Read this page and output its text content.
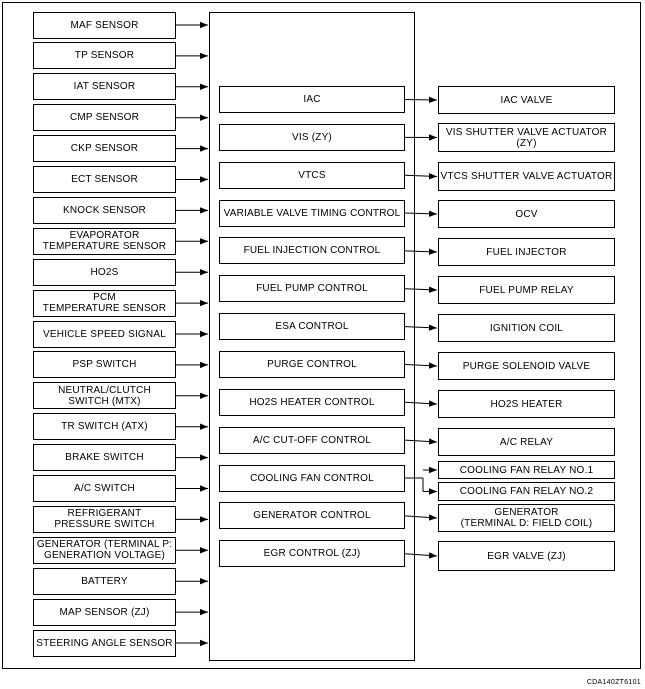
MAF SENSOR
TP SENSOR
IAT SENSOR
CMP SENSOR
CKP SENSOR
ECT SENSOR
KNOCK SENSOR
EVAPORATOR
TEMPERATURE SENSOR
HO2S
PCM
TEMPERATURE SENSOR
VEHICLE SPEED SIGNAL
PSP SWITCH
NEUTRAL/CLUTCH
SWITCH (MTX)
TR SWITCH (ATX)
BRAKE SWITCH
A/C SWITCH
REFRIGERANT
PRESSURE SWITCH
GENERATOR (TERMINAL P:
GENERATION VOLTAGE)
BATTERY
MAP SENSOR (ZJ)
STEERING ANGLE SENSOR
IAC
VIS (ZY)
VTCS
VARIABLE VALVE TIMING CONTROL
FUEL INJECTION CONTROL
FUEL PUMP CONTROL
ESA CONTROL
PURGE CONTROL
HO2S HEATER CONTROL
A/C CUT-OFF CONTROL
COOLING FAN CONTROL
GENERATOR CONTROL
EGR CONTROL (ZJ)
IAC VALVE
VIS SHUTTER VALVE ACTUATOR
(ZY)
VTCS SHUTTER VALVE ACTUATOR
OCV
FUEL INJECTOR
FUEL PUMP RELAY
IGNITION COIL
PURGE SOLENOID VALVE
HO2S HEATER
A/C RELAY
COOLING FAN RELAY NO.1
COOLING FAN RELAY NO.2
GENERATOR
(TERMINAL D: FIELD COIL)
EGR VALVE (ZJ)
CDA140ZT6101
